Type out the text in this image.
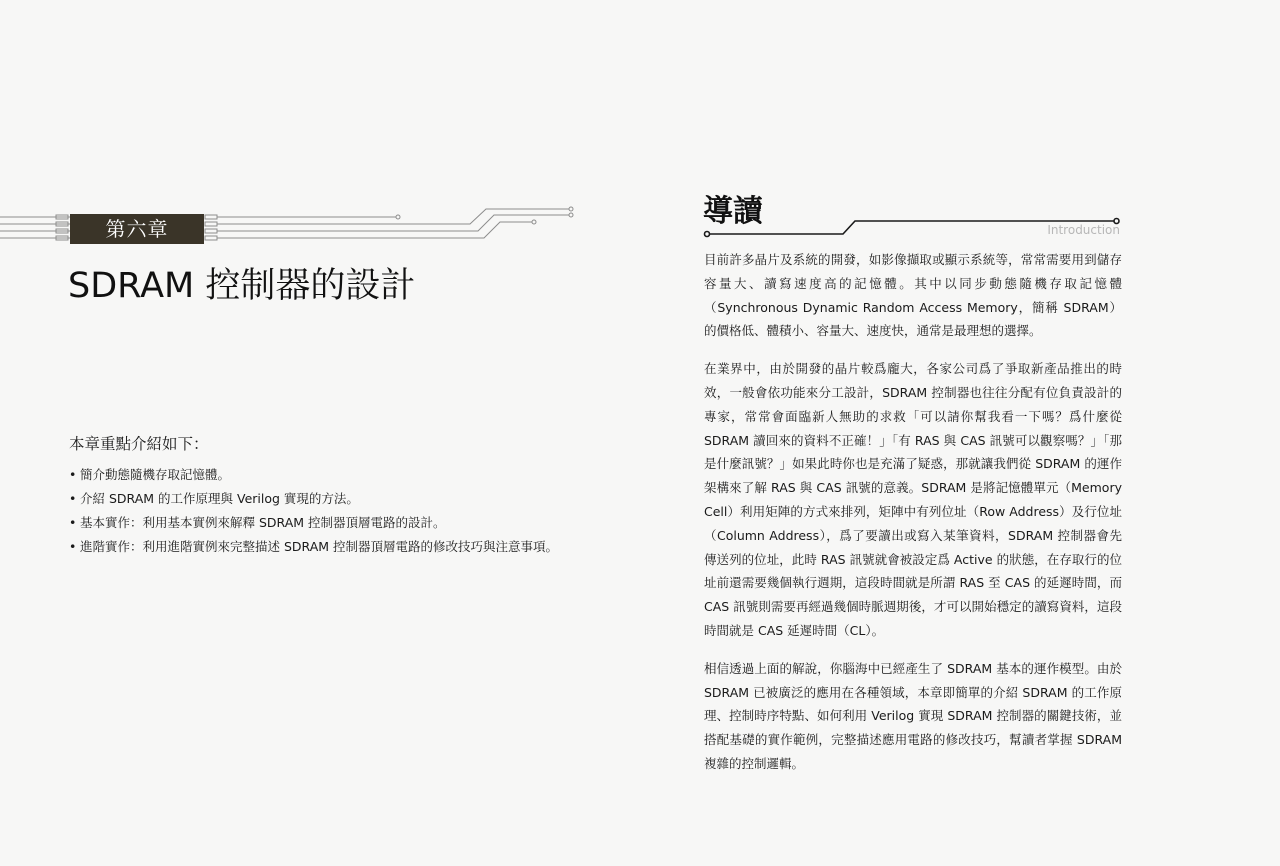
第六章
SDRAM 控制器的設計
本章重點介紹如下：
• 簡介動態隨機存取記憶體。
• 介紹 SDRAM 的工作原理與 Verilog 實現的方法。
• 基本實作：利用基本實例來解釋 SDRAM 控制器頂層電路的設計。
• 進階實作：利用進階實例來完整描述 SDRAM 控制器頂層電路的修改技巧與注意事項。
導讀
Introduction

目前許多晶片及系統的開發，如影像擷取或顯示系統等，常常需要用到儲存容量大、讀寫速度高的記憶體。其中以同步動態隨機存取記憶體（Synchronous Dynamic Random Access Memory，簡稱 SDRAM）的價格低、體積小、容量大、速度快，通常是最理想的選擇。

在業界中，由於開發的晶片較爲龐大，各家公司爲了爭取新產品推出的時效，一般會依功能來分工設計，SDRAM 控制器也往往分配有位負責設計的專家，常常會面臨新人無助的求救「可以請你幫我看一下嗎？爲什麼從 SDRAM 讀回來的資料不正確！」「有 RAS 與 CAS 訊號可以觀察嗎？」「那是什麼訊號？」如果此時你也是充滿了疑惑，那就讓我們從 SDRAM 的運作架構來了解 RAS 與 CAS 訊號的意義。SDRAM 是將記憶體單元（Memory Cell）利用矩陣的方式來排列，矩陣中有列位址（Row Address）及行位址（Column Address），爲了要讀出或寫入某筆資料，SDRAM 控制器會先傳送列的位址，此時 RAS 訊號就會被設定爲 Active 的狀態，在存取行的位址前還需要幾個執行週期，這段時間就是所謂 RAS 至 CAS 的延遲時間，而 CAS 訊號則需要再經過幾個時脈週期後，才可以開始穩定的讀寫資料，這段時間就是 CAS 延遲時間（CL）。

相信透過上面的解說，你腦海中已經產生了 SDRAM 基本的運作模型。由於 SDRAM 已被廣泛的應用在各種領域，本章即簡單的介紹 SDRAM 的工作原理、控制時序特點、如何利用 Verilog 實現 SDRAM 控制器的關鍵技術，並搭配基礎的實作範例，完整描述應用電路的修改技巧，幫讀者掌握 SDRAM 複雜的控制邏輯。
